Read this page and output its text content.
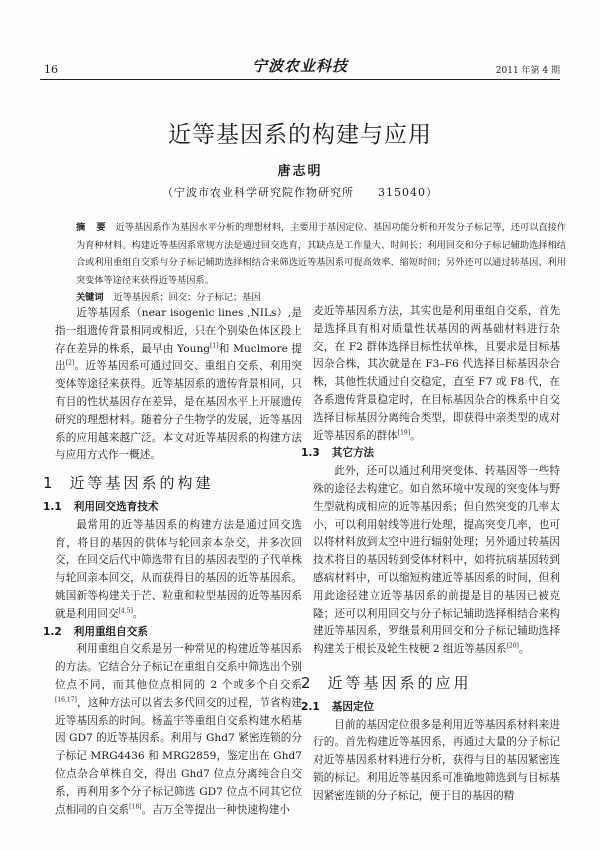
16	宁波农业科技	2011 年第 4 期
近等基因系的构建与应用
唐志明
（宁波市农业科学研究院作物研究所　　315040）
摘 要 近等基因系作为基因水平分析的理想材料，主要用于基因定位、基因功能分析和开发分子标记等，还可以直接作为育种材料。构建近等基因系常规方法是通过回交选育，其缺点是工作量大、时间长；利用回交和分子标记辅助选择相结合或利用重组自交系与分子标记辅助选择相结合来筛选近等基因系可提高效率、缩短时间；另外还可以通过转基因、利用突变体等途径来获得近等基因系。
关键词 近等基因系；回交；分子标记；基因

近等基因系（near isogenic lines ,NILs）,是指一组遗传背景相同或相近，只在个别染色体区段上存在差异的株系，最早由 Young[1]和 Muclmore 提出[2]。近等基因系可通过回交、重组自交系、利用突变体等途径来获得。近等基因系的遗传背景相同，只有目的性状基因存在差异，是在基因水平上开展遗传研究的理想材料。随着分子生物学的发展，近等基因系的应用越来越广泛。本文对近等基因系的构建方法与应用方式作一概述。

1 近等基因系的构建
1.1 利用回交选育技术

最常用的近等基因系的构建方法是通过回交选育，将目的基因的供体与轮回亲本杂交，并多次回交，在回交后代中筛选带有目的基因表型的子代单株与轮回亲本回交，从而获得目的基因的近等基因系。姚国新等构建关于芒、粒重和粒型基因的近等基因系就是利用回交[4,5]。

1.2 利用重组自交系

利用重组自交系是另一种常见的构建近等基因系的方法。它结合分子标记在重组自交系中筛选出个别位点不同，而其他位点相同的 2 个或多个自交系[16,17]，这种方法可以省去多代回交的过程，节省构建近等基因系的时间。杨盖宇等重组自交系构建水稻基因 GD7 的近等基因系。利用与 Ghd7 紧密连锁的分子标记 MRG4436 和 MRG2859，鉴定出在 Ghd7 位点杂合单株自交，得出 Ghd7 位点分离纯合自交系，再利用多个分子标记筛选 GD7 位点不同其它位点相同的自交系[18]。吉万全等提出一种快速构建小

麦近等基因系方法，其实也是利用重组自交系，首先是选择具有相对质量性状基因的两基础材料进行杂交，在 F2 群体选择目标性状单株，且要求是目标基因杂合株，其次就是在 F3–F6 代选择目标基因杂合株，其他性状通过自交稳定，直至 F7 或 F8 代，在各系遗传背景稳定时，在目标基因杂合的株系中自交选择目标基因分离纯合类型，即获得中亲类型的成对近等基因系的群体[19]。

1.3 其它方法

此外，还可以通过利用突变体、转基因等一些特殊的途径去构建它。如自然环境中发现的突变体与野生型就构成相应的近等基因系；但自然突变的几率太小，可以利用射线等进行处理，提高突变几率，也可以将材料放到太空中进行辐射处理；另外通过转基因技术将目的基因转到受体材料中，如将抗病基因转到感病材料中，可以缩短构建近等基因系的时间，但利用此途径建立近等基因系的前提是目的基因已被克隆；还可以利用回交与分子标记辅助选择相结合来构建近等基因系，罗继景利用回交和分子标记辅助选择构建关于根长及轮生枝梗 2 组近等基因系[20]。

2 近等基因系的应用
2.1 基因定位

目前的基因定位很多是利用近等基因系材料来进行的。首先构建近等基因系，再通过大量的分子标记对近等基因系材料进行分析，获得与目的基因紧密连锁的标记。利用近等基因系可准确地筛选到与目标基因紧密连锁的分子标记，便于目的基因的精
